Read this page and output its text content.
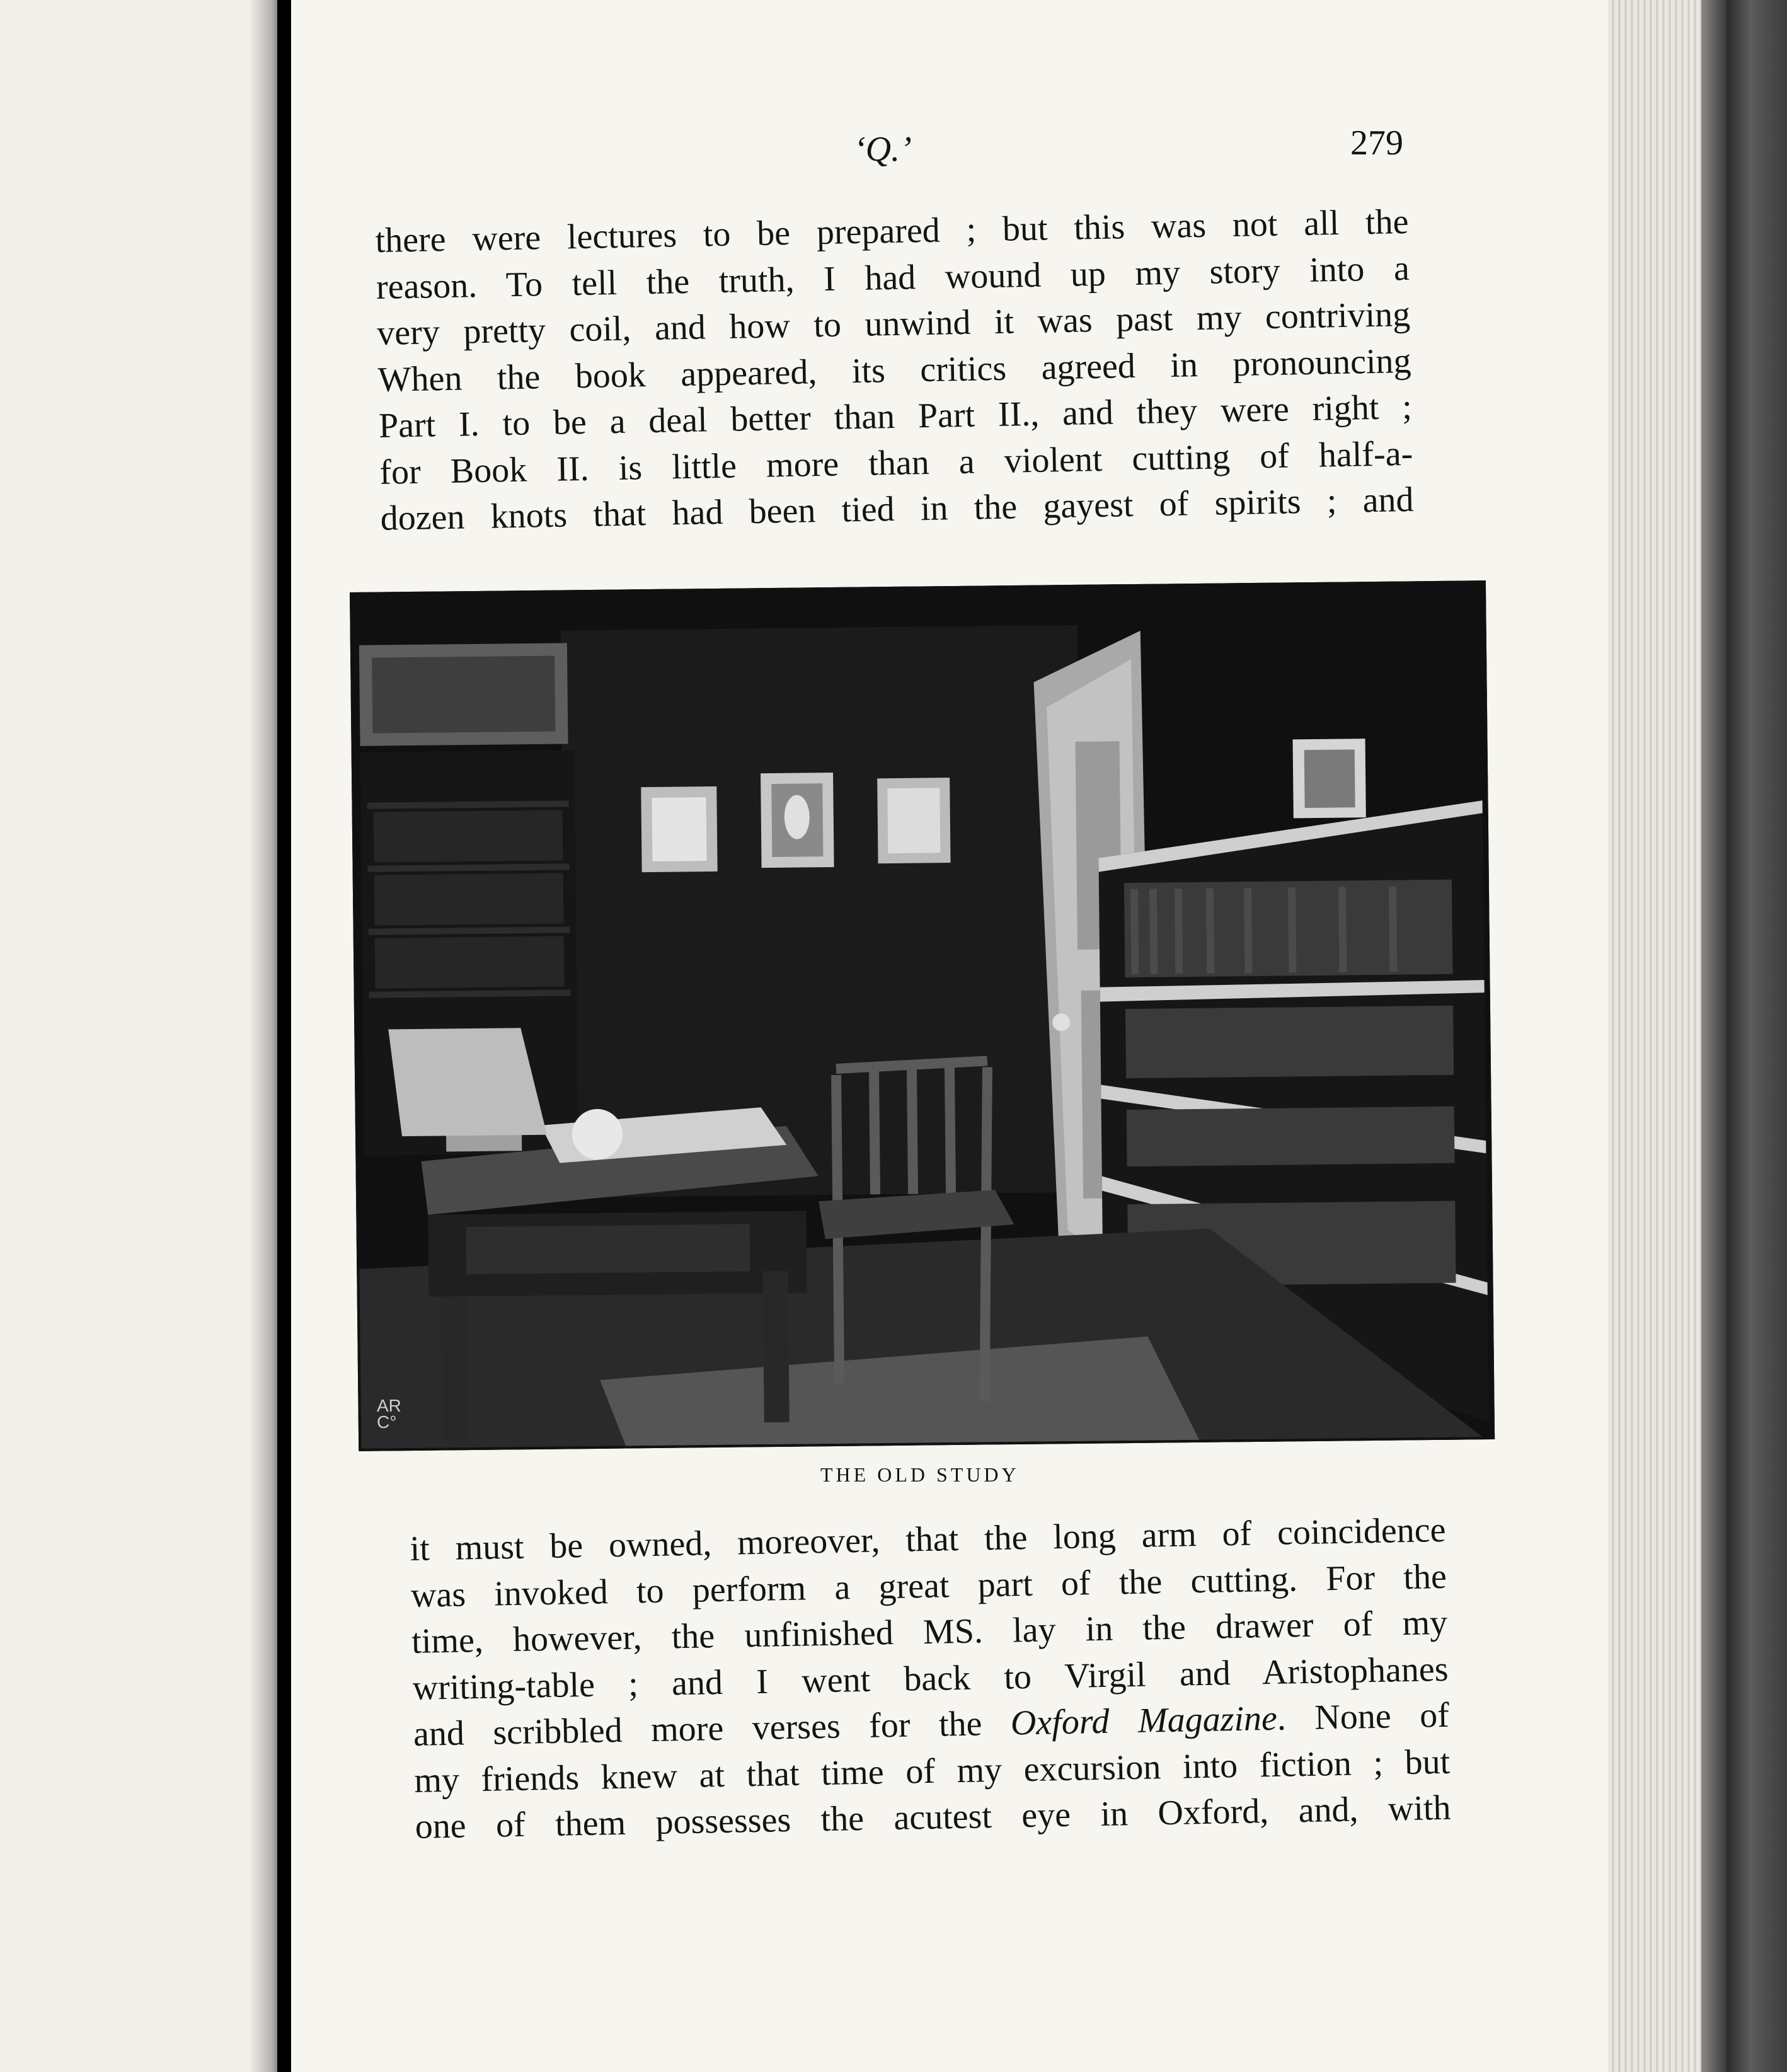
‘Q.’	279
there were lectures to be prepared ; but this was not all the
reason. To tell the truth, I had wound up my story into a
very pretty coil, and how to unwind it was past my contriving
When the book appeared, its critics agreed in pronouncing
Part I. to be a deal better than Part II., and they were right ;
for Book II. is little more than a violent cutting of half-a-
dozen knots that had been tied in the gayest of spirits ; and
AR
C°
THE OLD STUDY
it must be owned, moreover, that the long arm of coincidence
was invoked to perform a great part of the cutting. For the
time, however, the unfinished MS. lay in the drawer of my
writing-table ; and I went back to Virgil and Aristophanes
and scribbled more verses for the Oxford Magazine. None of
my friends knew at that time of my excursion into fiction ; but
one of them possesses the acutest eye in Oxford, and, with
